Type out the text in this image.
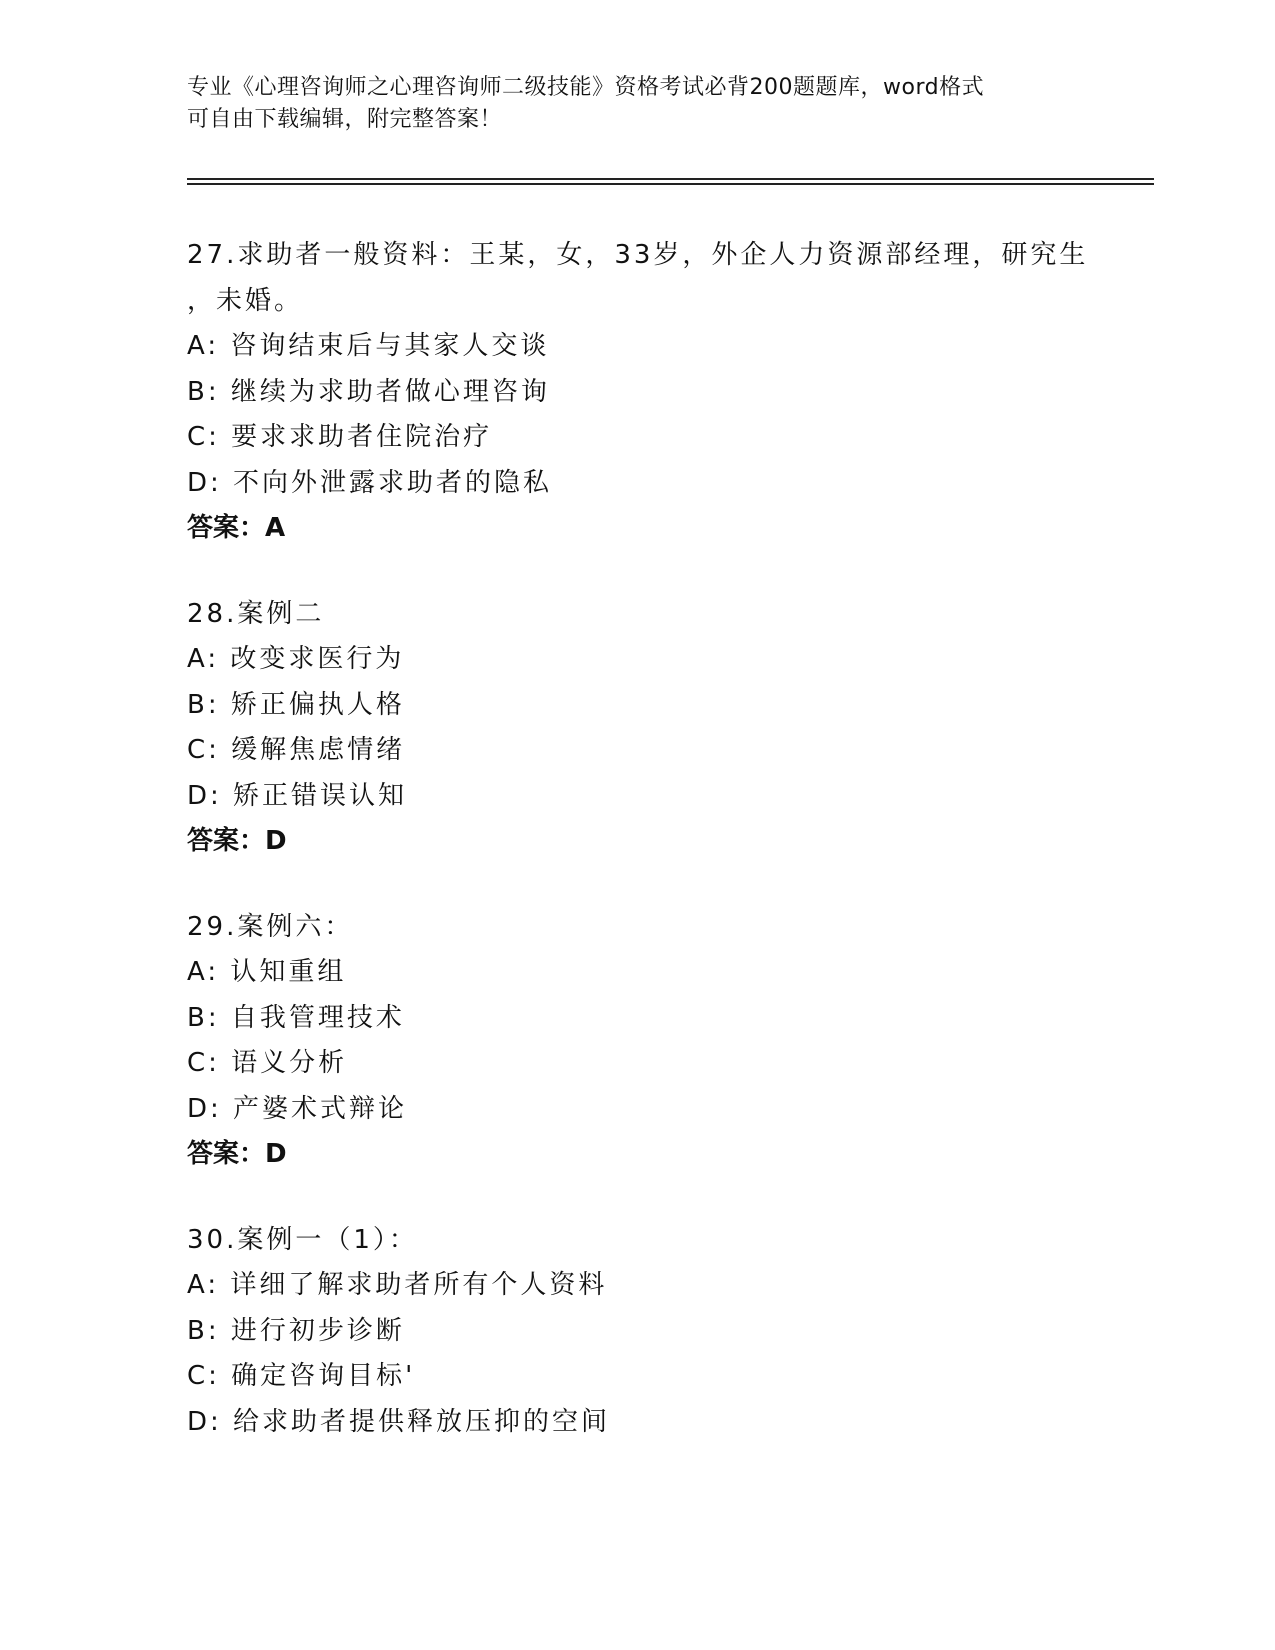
专业《心理咨询师之心理咨询师二级技能》资格考试必背200题题库，word格式
可自由下载编辑，附完整答案！
27.求助者一般资料：王某，女，33岁，外企人力资源部经理，研究生
，未婚。
A: 咨询结束后与其家人交谈
B: 继续为求助者做心理咨询
C: 要求求助者住院治疗
D: 不向外泄露求助者的隐私
答案：A
28.案例二
A: 改变求医行为
B: 矫正偏执人格
C: 缓解焦虑情绪
D: 矫正错误认知
答案：D
29.案例六：
A: 认知重组
B: 自我管理技术
C: 语义分析
D: 产婆术式辩论
答案：D
30.案例一（1）：
A: 详细了解求助者所有个人资料
B: 进行初步诊断
C: 确定咨询目标'
D: 给求助者提供释放压抑的空间
